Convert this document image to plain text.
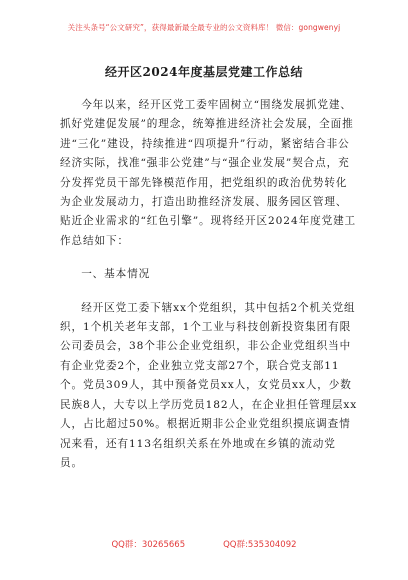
关注头条号“公文研究”，获得最新最全最专业的公文资料库！ 微信：gongwenyj
经开区2024年度基层党建工作总结

今年以来，经开区党工委牢固树立“围绕发展抓党建、抓好党建促发展”的理念，统筹推进经济社会发展，全面推进“三化”建设，持续推进“四项提升”行动，紧密结合非公经济实际，找准“强非公党建”与“强企业发展”契合点，充分发挥党员干部先锋模范作用，把党组织的政治优势转化为企业发展动力，打造出助推经济发展、服务园区管理、贴近企业需求的“红色引擎”。现将经开区2024年度党建工作总结如下：

一、基本情况

经开区党工委下辖xx个党组织，其中包括2个机关党组织，1个机关老年支部，1个工业与科技创新投资集团有限公司委员会，38个非公企业党组织，非公企业党组织当中有企业党委2个，企业独立党支部27个，联合党支部11个。党员309人，其中预备党员xx人，女党员xx人，少数民族8人，大专以上学历党员182人，在企业担任管理层xx人，占比超过50%。根据近期非公企业党组织摸底调查情况来看，还有113名组织关系在外地或在乡镇的流动党员。

QQ群：30265665	QQ群:535304092
